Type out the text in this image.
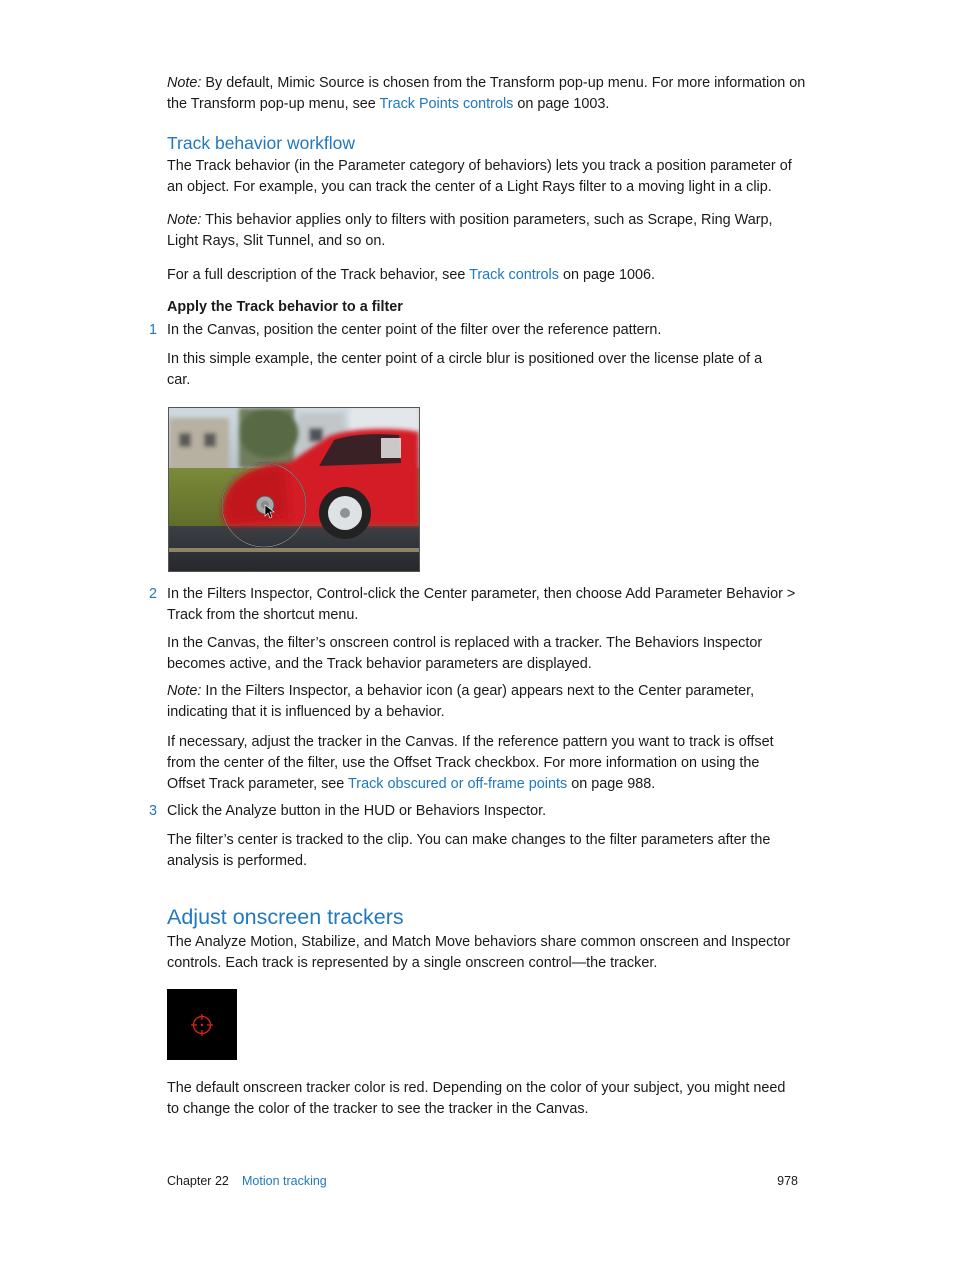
Note: By default, Mimic Source is chosen from the Transform pop-up menu. For more information on the Transform pop-up menu, see Track Points controls on page 1003.

Track behavior workflow

The Track behavior (in the Parameter category of behaviors) lets you track a position parameter of an object. For example, you can track the center of a Light Rays filter to a moving light in a clip.

Note: This behavior applies only to filters with position parameters, such as Scrape, Ring Warp, Light Rays, Slit Tunnel, and so on.

For a full description of the Track behavior, see Track controls on page 1006.

Apply the Track behavior to a filter
1 In the Canvas, position the center point of the filter over the reference pattern.

In this simple example, the center point of a circle blur is positioned over the license plate of a car.

2 In the Filters Inspector, Control-click the Center parameter, then choose Add Parameter Behavior > Track from the shortcut menu.

In the Canvas, the filter’s onscreen control is replaced with a tracker. The Behaviors Inspector becomes active, and the Track behavior parameters are displayed.

Note: In the Filters Inspector, a behavior icon (a gear) appears next to the Center parameter, indicating that it is influenced by a behavior.

If necessary, adjust the tracker in the Canvas. If the reference pattern you want to track is offset from the center of the filter, use the Offset Track checkbox. For more information on using the Offset Track parameter, see Track obscured or off-frame points on page 988.

3 Click the Analyze button in the HUD or Behaviors Inspector.

The filter’s center is tracked to the clip. You can make changes to the filter parameters after the analysis is performed.

Adjust onscreen trackers

The Analyze Motion, Stabilize, and Match Move behaviors share common onscreen and Inspector controls. Each track is represented by a single onscreen control—the tracker.

The default onscreen tracker color is red. Depending on the color of your subject, you might need to change the color of the tracker to see the tracker in the Canvas.

Chapter 22 Motion tracking	978
